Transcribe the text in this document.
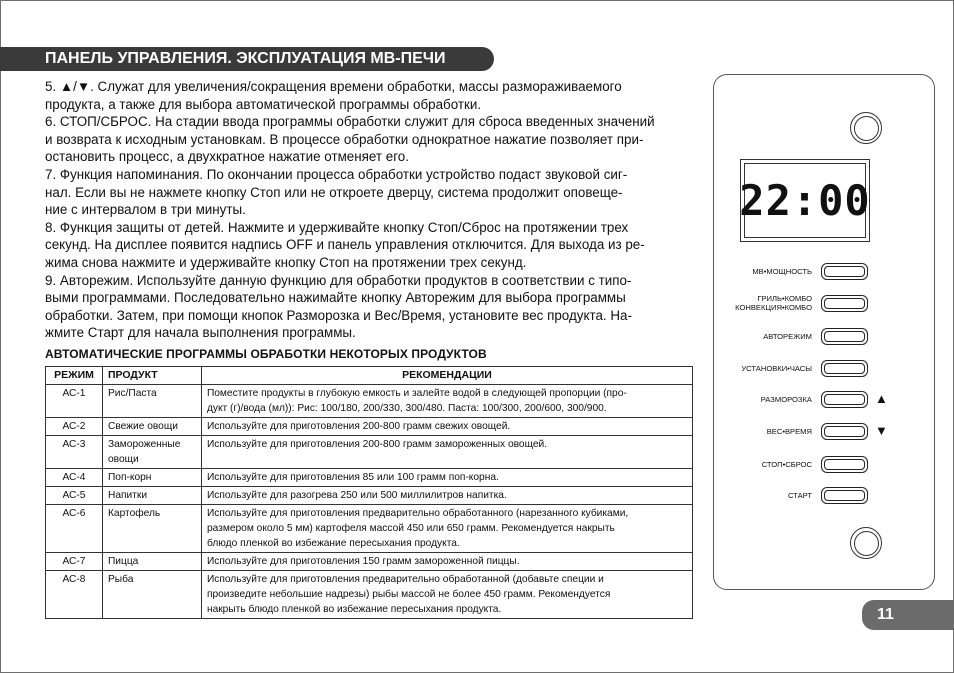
ПАНЕЛЬ УПРАВЛЕНИЯ. ЭКСПЛУАТАЦИЯ МВ-ПЕЧИ

5. ▲/▼. Служат для увеличения/сокращения времени обработки, массы размораживаемого
продукта, а также для выбора автоматической программы обработки.

6. СТОП/СБРОС. На стадии ввода программы обработки служит для сброса введенных значений
и возврата к исходным установкам. В процессе обработки однократное нажатие позволяет при-
остановить процесс, а двухкратное нажатие отменяет его.

7. Функция напоминания. По окончании процесса обработки устройство подаст звуковой сиг-
нал. Если вы не нажмете кнопку Стоп или не откроете дверцу, система продолжит оповеще-
ние с интервалом в три минуты.

8. Функция защиты от детей. Нажмите и удерживайте кнопку Стоп/Сброс на протяжении трех
секунд. На дисплее появится надпись OFF и панель управления отключится. Для выхода из ре-
жима снова нажмите и удерживайте кнопку Стоп на протяжении трех секунд.

9. Авторежим. Используйте данную функцию для обработки продуктов в соответствии с типо-
выми программами. Последовательно нажимайте кнопку Авторежим для выбора программы
обработки. Затем, при помощи кнопок Разморозка и Вес/Время, установите вес продукта. На-
жмите Старт для начала выполнения программы.

АВТОМАТИЧЕСКИЕ ПРОГРАММЫ ОБРАБОТКИ НЕКОТОРЫХ ПРОДУКТОВ
РЕЖИМ	ПРОДУКТ	РЕКОМЕНДАЦИИ
АС-1	Рис/Паста	Поместите продукты в глубокую емкость и залейте водой в следующей пропорции (про-
дукт (г)/вода (мл)): Рис: 100/180, 200/330, 300/480. Паста: 100/300, 200/600, 300/900.
АС-2	Свежие овощи	Используйте для приготовления 200-800 грамм свежих овощей.
АС-3	Замороженные
овощи	Используйте для приготовления 200-800 грамм замороженных овощей.
АС-4	Поп-корн	Используйте для приготовления 85 или 100 грамм поп-корна.
АС-5	Напитки	Используйте для разогрева 250 или 500 миллилитров напитка.
АС-6	Картофель	Используйте для приготовления предварительно обработанного (нарезанного кубиками,
размером около 5 мм) картофеля массой 450 или 650 грамм. Рекомендуется накрыть
блюдо пленкой во избежание пересыхания продукта.
АС-7	Пицца	Используйте для приготовления 150 грамм замороженной пиццы.
АС-8	Рыба	Используйте для приготовления предварительно обработанной (добавьте специи и
произведите небольшие надрезы) рыбы массой не более 450 грамм. Рекомендуется
накрыть блюдо пленкой во избежание пересыхания продукта.
22:00
МВ•МОЩНОСТЬ
ГРИЛЬ•КОМБО
КОНВЕКЦИЯ•КОМБО
АВТОРЕЖИМ
УСТАНОВКИ•ЧАСЫ
РАЗМОРОЗКА	▲
ВЕС•ВРЕМЯ	▼
СТОП•СБРОС
СТАРТ
11
